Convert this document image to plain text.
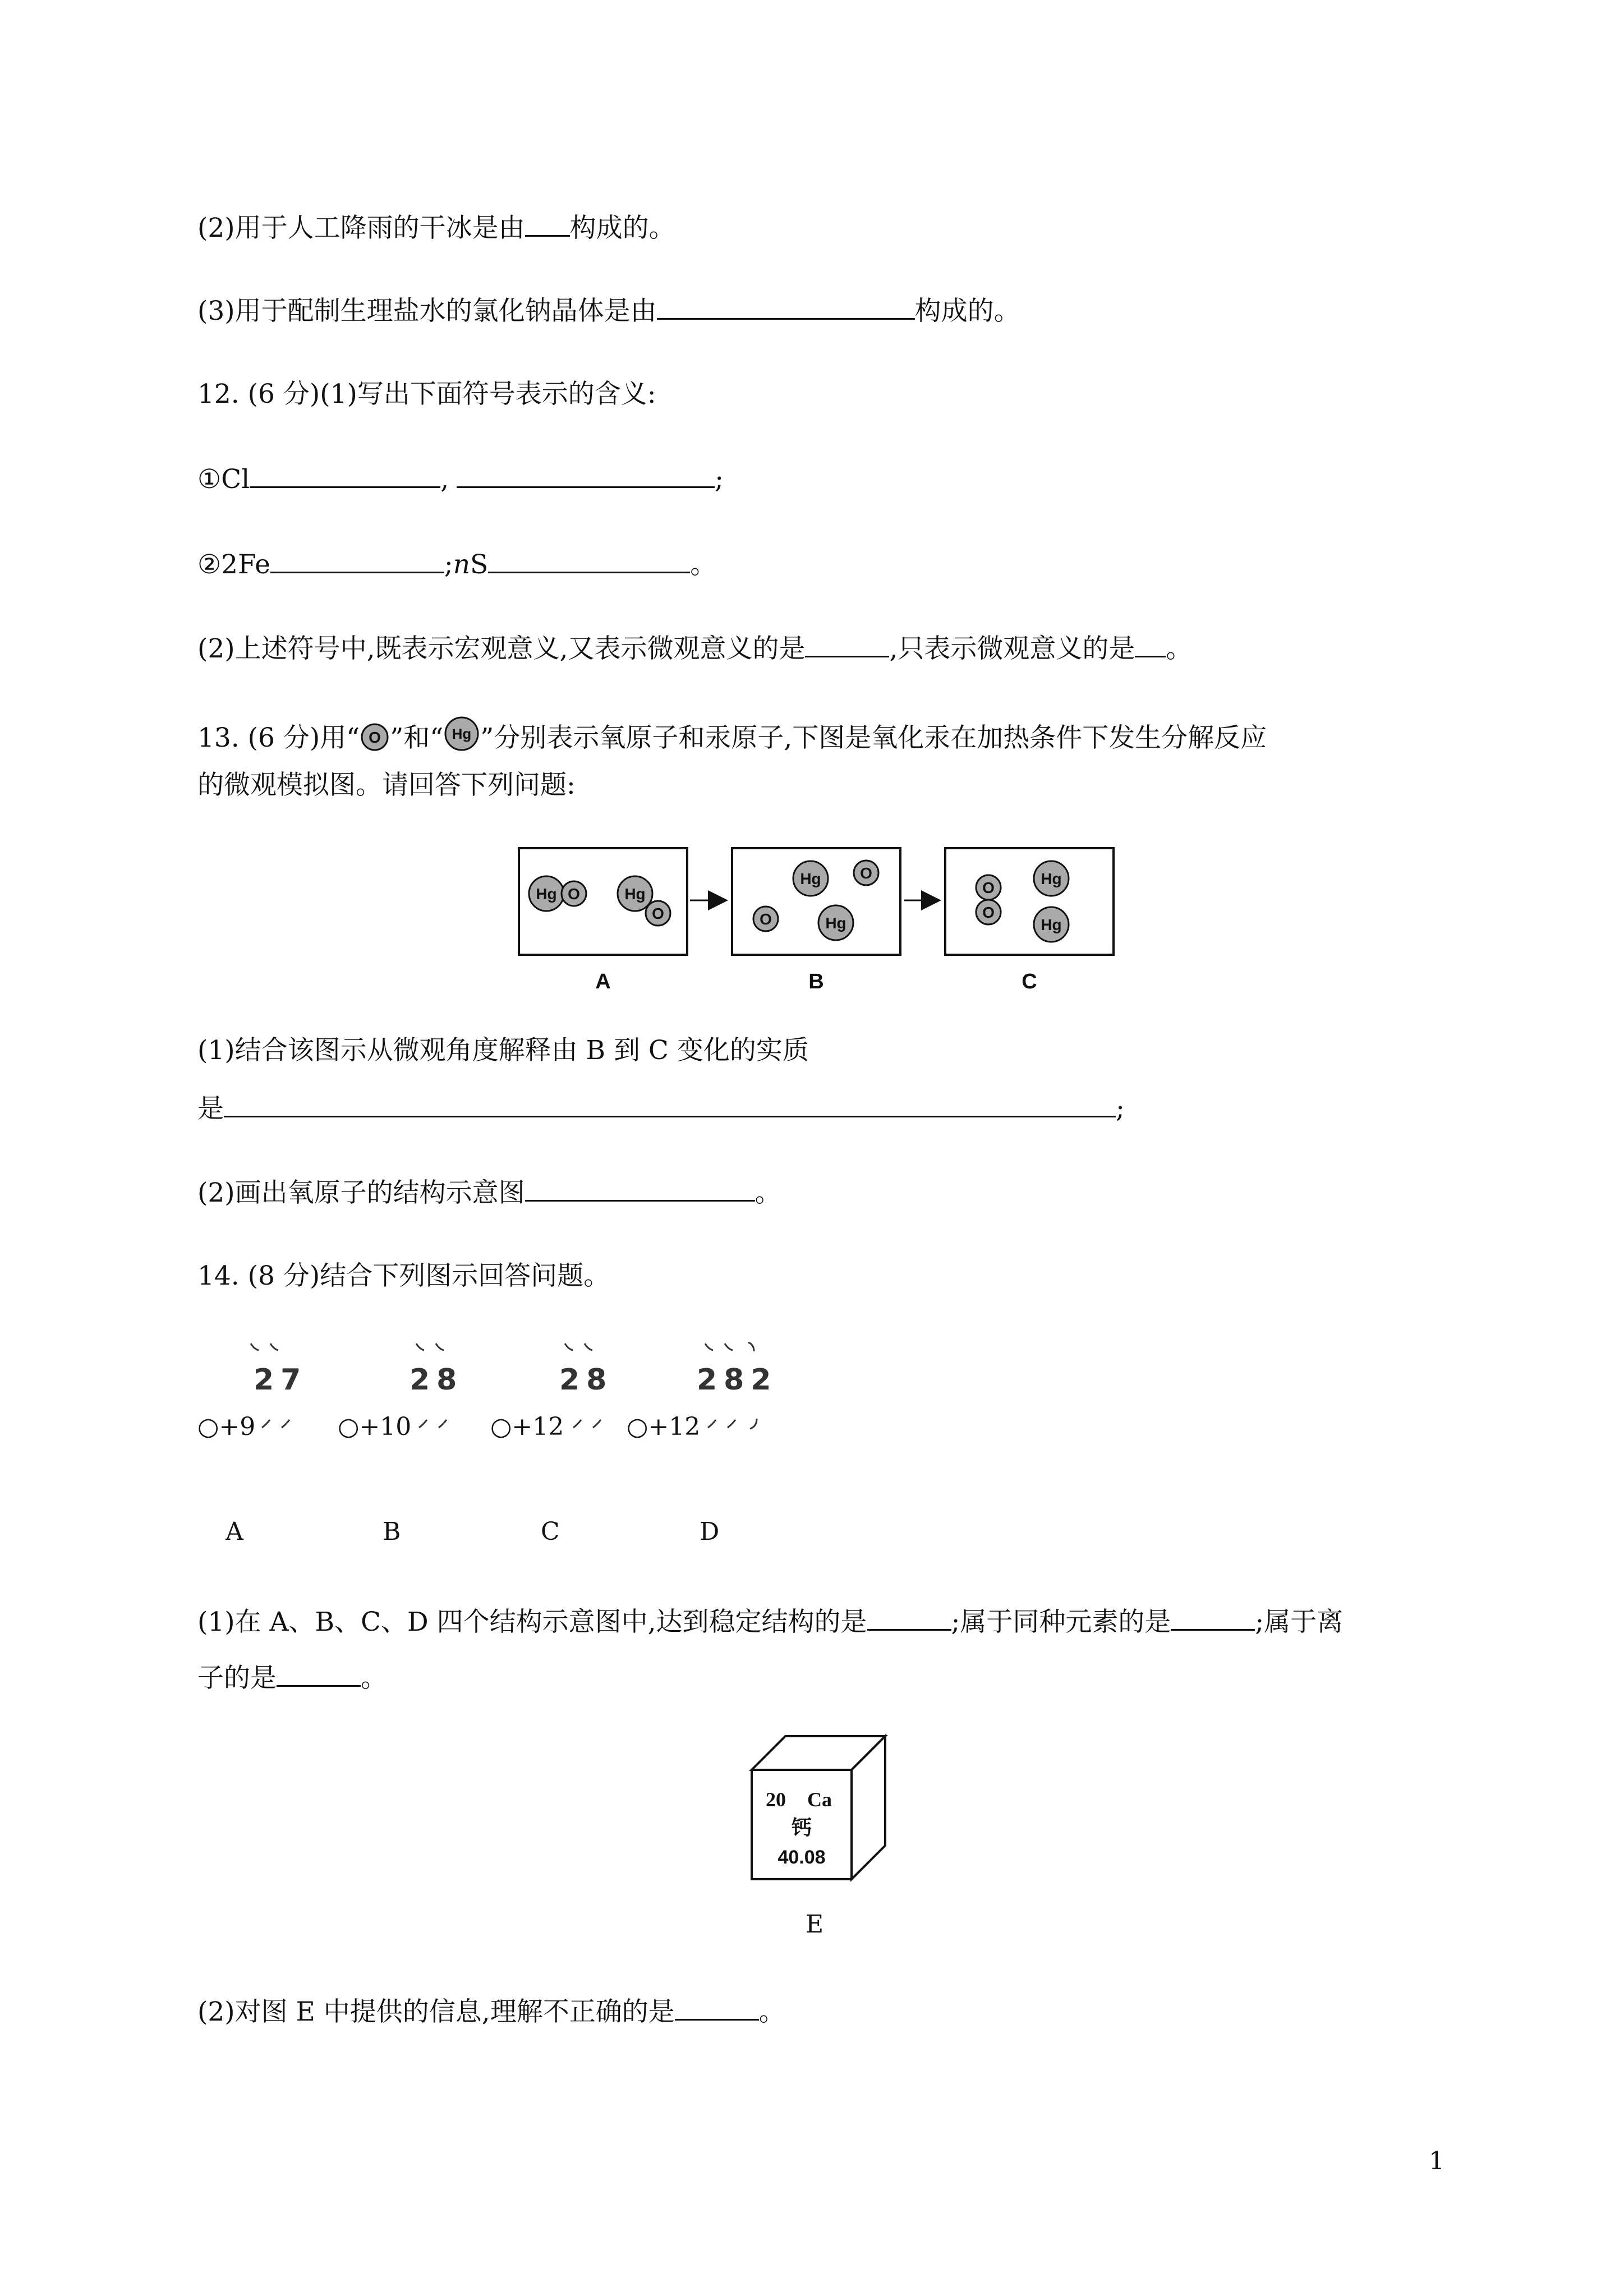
(2)用于人工降雨的干冰是由 构成的。
(3)用于配制生理盐水的氯化钠晶体是由	构成的。
12. (6 分)(1)写出下面符号表示的含义:
①Cl	,	;
②2Fe	;nS	。
(2)上述符号中,既表示宏观意义,又表示微观意义的是	,只表示微观意义的是 。
13. (6 分)用“ O ”和“ Hg ”分别表示氧原子和汞原子,下图是氧化汞在加热条件下发生分解反应
的微观模拟图。请回答下列问题:
Hg O	Hg
O
Hg O
O	Hg
O
O
Hg
Hg
A	B	C
(1)结合该图示从微观角度解释由 B 到 C 变化的实质
是	;
(2)画出氧原子的结构示意图	。
14. (8 分)结合下列图示回答问题。
27
○+9
A
28
○+10
B
28
○+12
C
282
○+12
D
(1)在 A、B、C、D 四个结构示意图中,达到稳定结构的是	;属于同种元素的是	;属于离
子的是	。
20 Ca
钙
40.08
E
(2)对图 E 中提供的信息,理解不正确的是	。
1
